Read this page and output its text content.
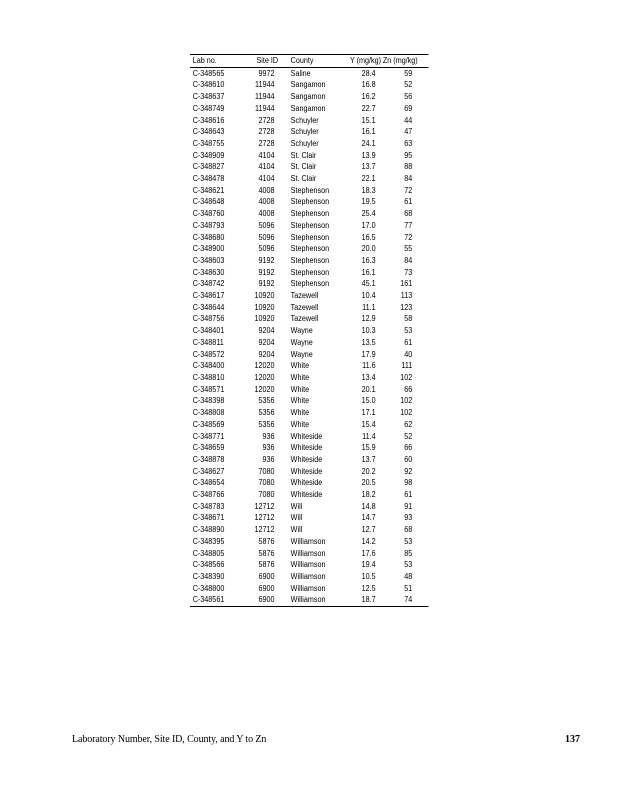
Lab no.	Site ID	County	Y (mg/kg)	Zn (mg/kg)
C-348565	9972	Saline	28.4	59
C-348610	11944	Sangamon	16.8	52
C-348637	11944	Sangamon	16.2	56
C-348749	11944	Sangamon	22.7	69
C-348616	2728	Schuyler	15.1	44
C-348643	2728	Schuyler	16.1	47
C-348755	2728	Schuyler	24.1	63
C-348909	4104	St. Clair	13.9	95
C-348827	4104	St. Clair	13.7	88
C-348478	4104	St. Clair	22.1	84
C-348621	4008	Stephenson	18.3	72
C-348648	4008	Stephenson	19.5	61
C-348760	4008	Stephenson	25.4	68
C-348793	5096	Stephenson	17.0	77
C-348680	5096	Stephenson	16.5	72
C-348900	5096	Stephenson	20.0	55
C-348603	9192	Stephenson	16.3	84
C-348630	9192	Stephenson	16.1	73
C-348742	9192	Stephenson	45.1	161
C-348617	10920	Tazewell	10.4	113
C-348644	10920	Tazewell	11.1	123
C-348756	10920	Tazewell	12.9	58
C-348401	9204	Wayne	10.3	53
C-348811	9204	Wayne	13.5	61
C-348572	9204	Wayne	17.9	40
C-348400	12020	White	11.6	111
C-348810	12020	White	13.4	102
C-348571	12020	White	20.1	66
C-348398	5356	White	15.0	102
C-348808	5356	White	17.1	102
C-348569	5356	White	15.4	62
C-348771	936	Whiteside	11.4	52
C-348659	936	Whiteside	15.9	66
C-348878	936	Whiteside	13.7	60
C-348627	7080	Whiteside	20.2	92
C-348654	7080	Whiteside	20.5	98
C-348766	7080	Whiteside	18.2	61
C-348783	12712	Will	14.8	91
C-348671	12712	Will	14.7	93
C-348890	12712	Will	12.7	68
C-348395	5876	Williamson	14.2	53
C-348805	5876	Williamson	17.6	85
C-348566	5876	Williamson	19.4	53
C-348390	6900	Williamson	10.5	48
C-348800	6900	Williamson	12.5	51
C-348561	6900	Williamson	18.7	74
Laboratory Number, Site ID, County, and Y to Zn	137
